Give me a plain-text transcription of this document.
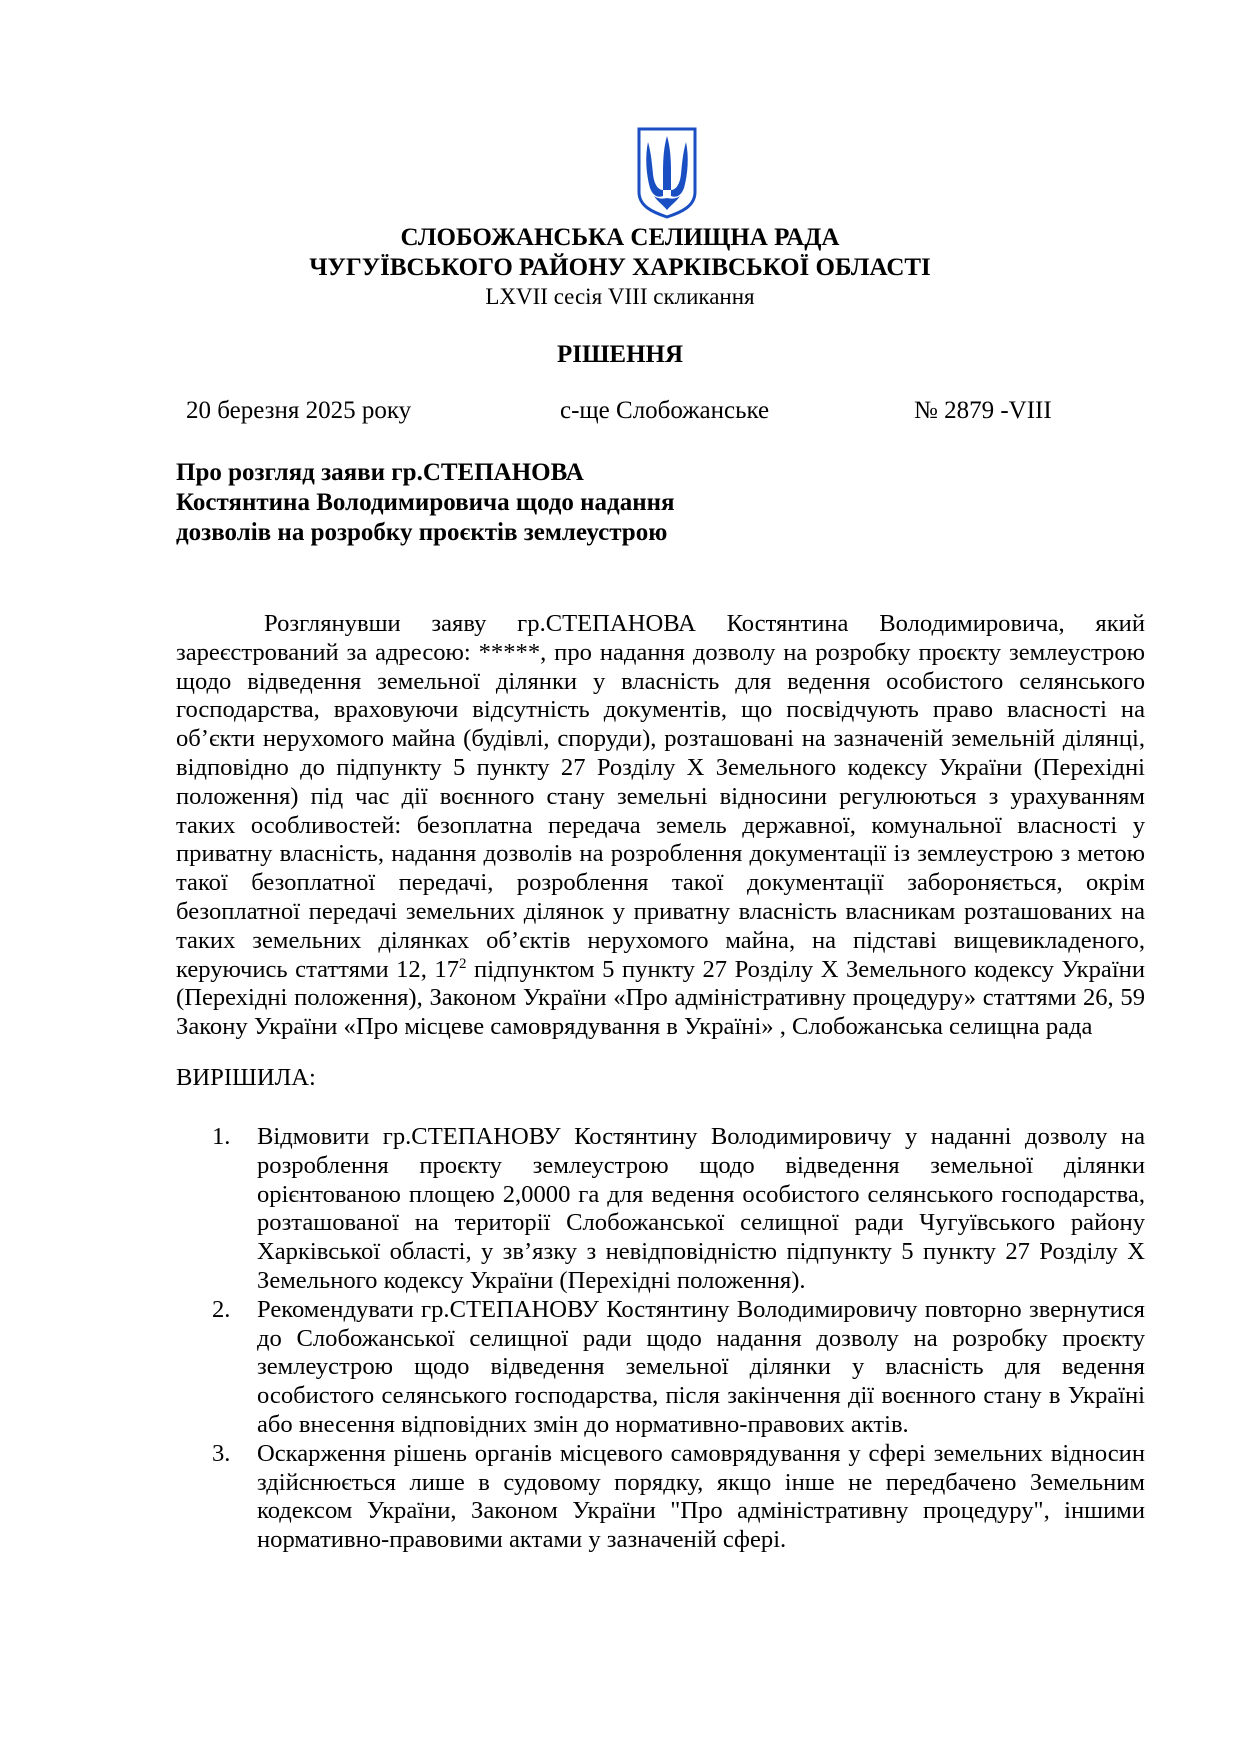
СЛОБОЖАНСЬКА СЕЛИЩНА РАДА
ЧУГУЇВСЬКОГО РАЙОНУ ХАРКІВСЬКОЇ ОБЛАСТІ
LXVII сесія VIII скликання
РІШЕННЯ
20 березня 2025 року	с-ще Слобожанське	№ 2879 -VIII
Про розгляд заяви гр.СТЕПАНОВА
Костянтина Володимировича щодо надання
дозволів на розробку проєктів землеустрою

Розглянувши заяву гр.СТЕПАНОВА Костянтина Володимировича, який зареєстрований за адресою: *****, про надання дозволу на розробку проєкту землеустрою щодо відведення земельної ділянки у власність для ведення особистого селянського господарства, враховуючи відсутність документів, що посвідчують право власності на об’єкти нерухомого майна (будівлі, споруди), розташовані на зазначеній земельній ділянці, відповідно до підпункту 5 пункту 27 Розділу Х Земельного кодексу України (Перехідні положення) під час дії воєнного стану земельні відносини регулюються з урахуванням таких особливостей: безоплатна передача земель державної, комунальної власності у приватну власність, надання дозволів на розроблення документації із землеустрою з метою такої безоплатної передачі, розроблення такої документації забороняється, окрім безоплатної передачі земельних ділянок у приватну власність власникам розташованих на таких земельних ділянках об’єктів нерухомого майна, на підставі вищевикладеного, керуючись статтями 12, $17^2$ підпунктом 5 пункту 27 Розділу Х Земельного кодексу України (Перехідні положення), Законом України «Про адміністративну процедуру» статтями 26, 59 Закону України «Про місцеве самоврядування в Україні» , Слобожанська селищна рада

ВИРІШИЛА:
1. Відмовити гр.СТЕПАНОВУ Костянтину Володимировичу у наданні дозволу на розроблення проєкту землеустрою щодо відведення земельної ділянки орієнтованою площею 2,0000 га для ведення особистого селянського господарства, розташованої на території Слобожанської селищної ради Чугуївського району Харківської області, у зв’язку з невідповідністю підпункту 5 пункту 27 Розділу Х Земельного кодексу України (Перехідні положення).
2. Рекомендувати гр.СТЕПАНОВУ Костянтину Володимировичу повторно звернутися до Слобожанської селищної ради щодо надання дозволу на розробку проєкту землеустрою щодо відведення земельної ділянки у власність для ведення особистого селянського господарства, після закінчення дії воєнного стану в Україні або внесення відповідних змін до нормативно-правових актів.
3. Оскарження рішень органів місцевого самоврядування у сфері земельних відносин здійснюється лише в судовому порядку, якщо інше не передбачено Земельним кодексом України, Законом України "Про адміністративну процедуру", іншими нормативно-правовими актами у зазначеній сфері.
